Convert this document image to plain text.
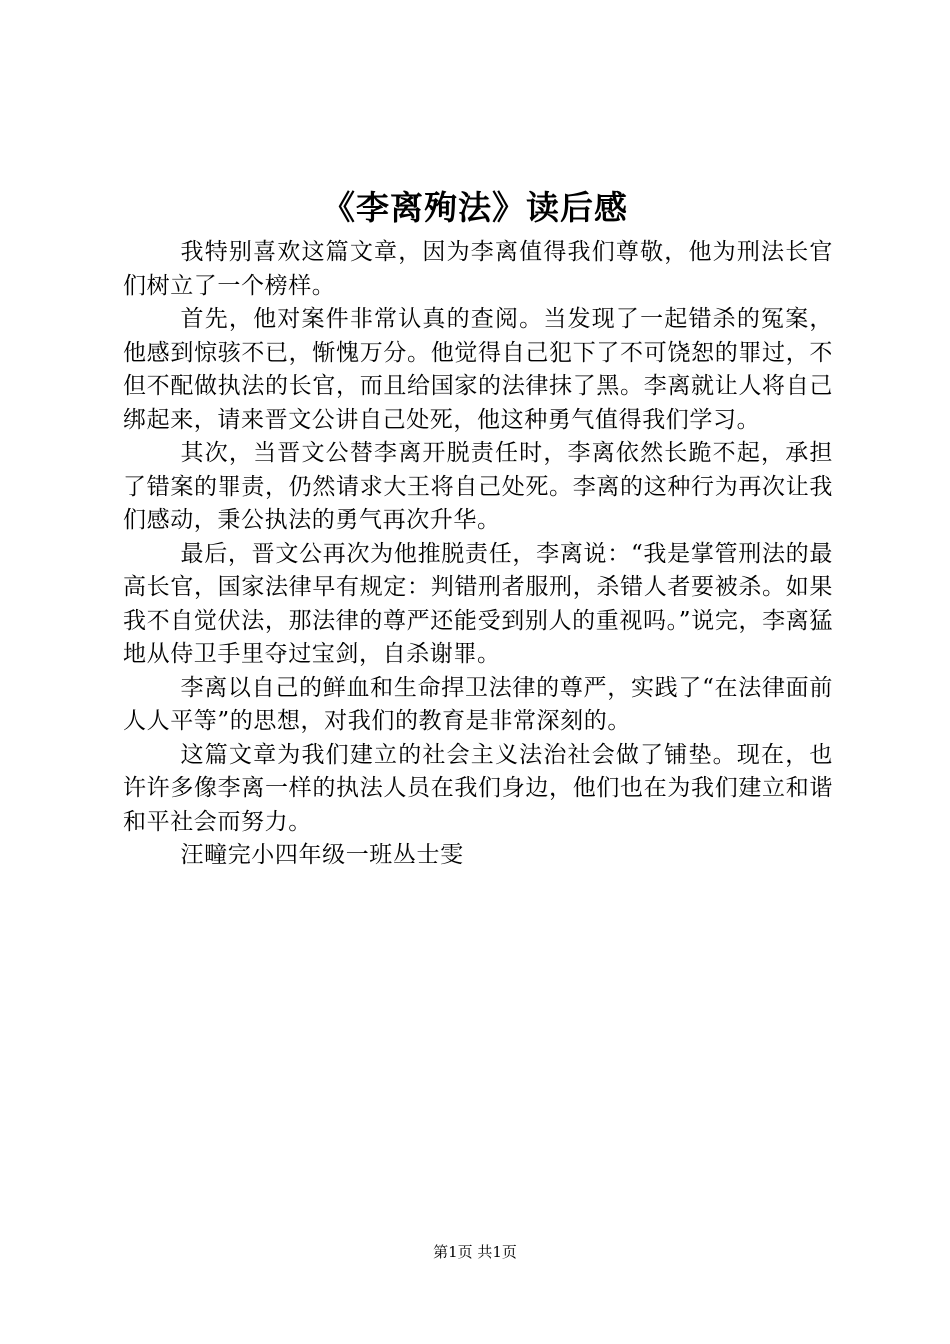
《李离殉法》读后感

我特别喜欢这篇文章，因为李离值得我们尊敬，他为刑法长官们树立了一个榜样。

首先，他对案件非常认真的查阅。当发现了一起错杀的冤案，他感到惊骇不已，惭愧万分。他觉得自己犯下了不可饶恕的罪过，不但不配做执法的长官，而且给国家的法律抹了黑。李离就让人将自己绑起来，请来晋文公讲自己处死，他这种勇气值得我们学习。

其次，当晋文公替李离开脱责任时，李离依然长跪不起，承担了错案的罪责，仍然请求大王将自己处死。李离的这种行为再次让我们感动，秉公执法的勇气再次升华。

最后，晋文公再次为他推脱责任，李离说：“我是掌管刑法的最高长官，国家法律早有规定：判错刑者服刑，杀错人者要被杀。如果我不自觉伏法，那法律的尊严还能受到别人的重视吗。”说完，李离猛地从侍卫手里夺过宝剑，自杀谢罪。

李离以自己的鲜血和生命捍卫法律的尊严，实践了“在法律面前人人平等”的思想，对我们的教育是非常深刻的。

这篇文章为我们建立的社会主义法治社会做了铺垫。现在，也许许多像李离一样的执法人员在我们身边，他们也在为我们建立和谐和平社会而努力。

汪疃完小四年级一班丛士雯

第1页 共1页
